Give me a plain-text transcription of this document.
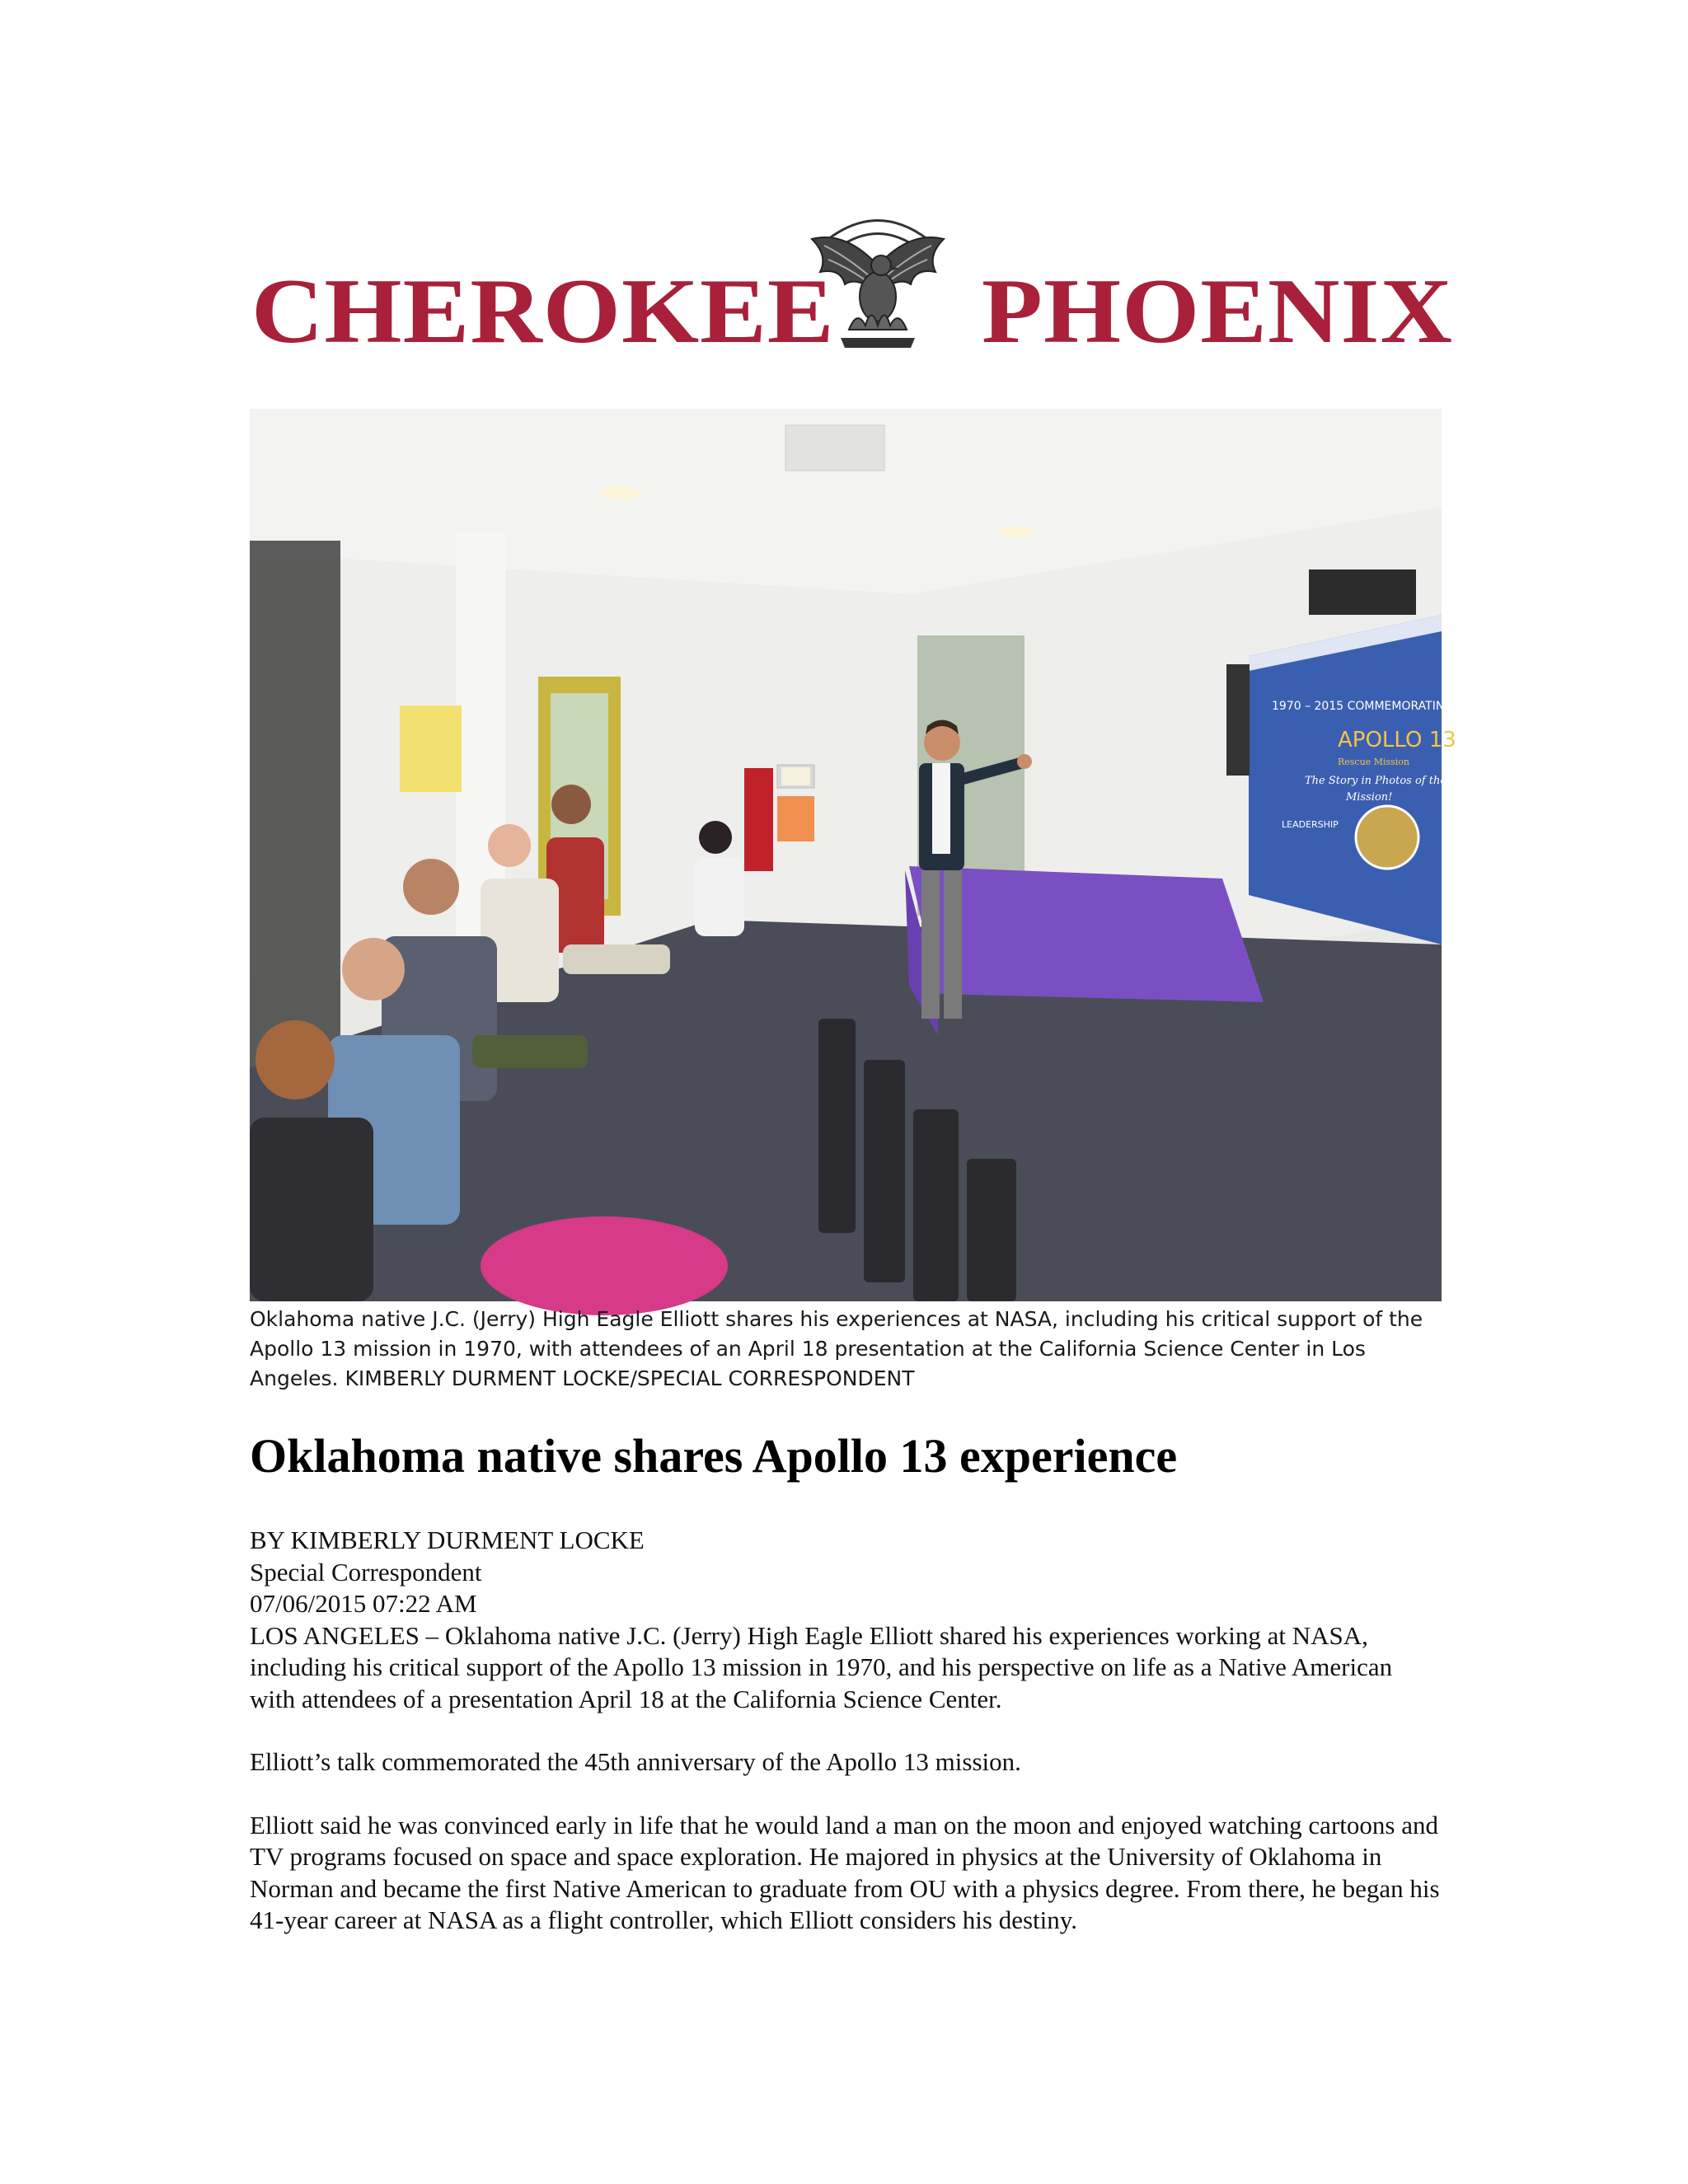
CHEROKEE PHOENIX
1970 – 2015 COMMEMORATING
APOLLO 13
Rescue Mission
The Story in Photos of the
Mission!
LEADERSHIP
Oklahoma native J.C. (Jerry) High Eagle Elliott shares his experiences at NASA, including his critical support of the Apollo 13 mission in 1970, with attendees of an April 18 presentation at the California Science Center in Los Angeles. KIMBERLY DURMENT LOCKE/SPECIAL CORRESPONDENT
Oklahoma native shares Apollo 13 experience
BY KIMBERLY DURMENT LOCKE
Special Correspondent
07/06/2015 07:22 AM

LOS ANGELES – Oklahoma native J.C. (Jerry) High Eagle Elliott shared his experiences working at NASA, including his critical support of the Apollo 13 mission in 1970, and his perspective on life as a Native American with attendees of a presentation April 18 at the California Science Center.

Elliott’s talk commemorated the 45th anniversary of the Apollo 13 mission.

Elliott said he was convinced early in life that he would land a man on the moon and enjoyed watching cartoons and TV programs focused on space and space exploration. He majored in physics at the University of Oklahoma in Norman and became the first Native American to graduate from OU with a physics degree. From there, he began his 41-year career at NASA as a flight controller, which Elliott considers his destiny.
